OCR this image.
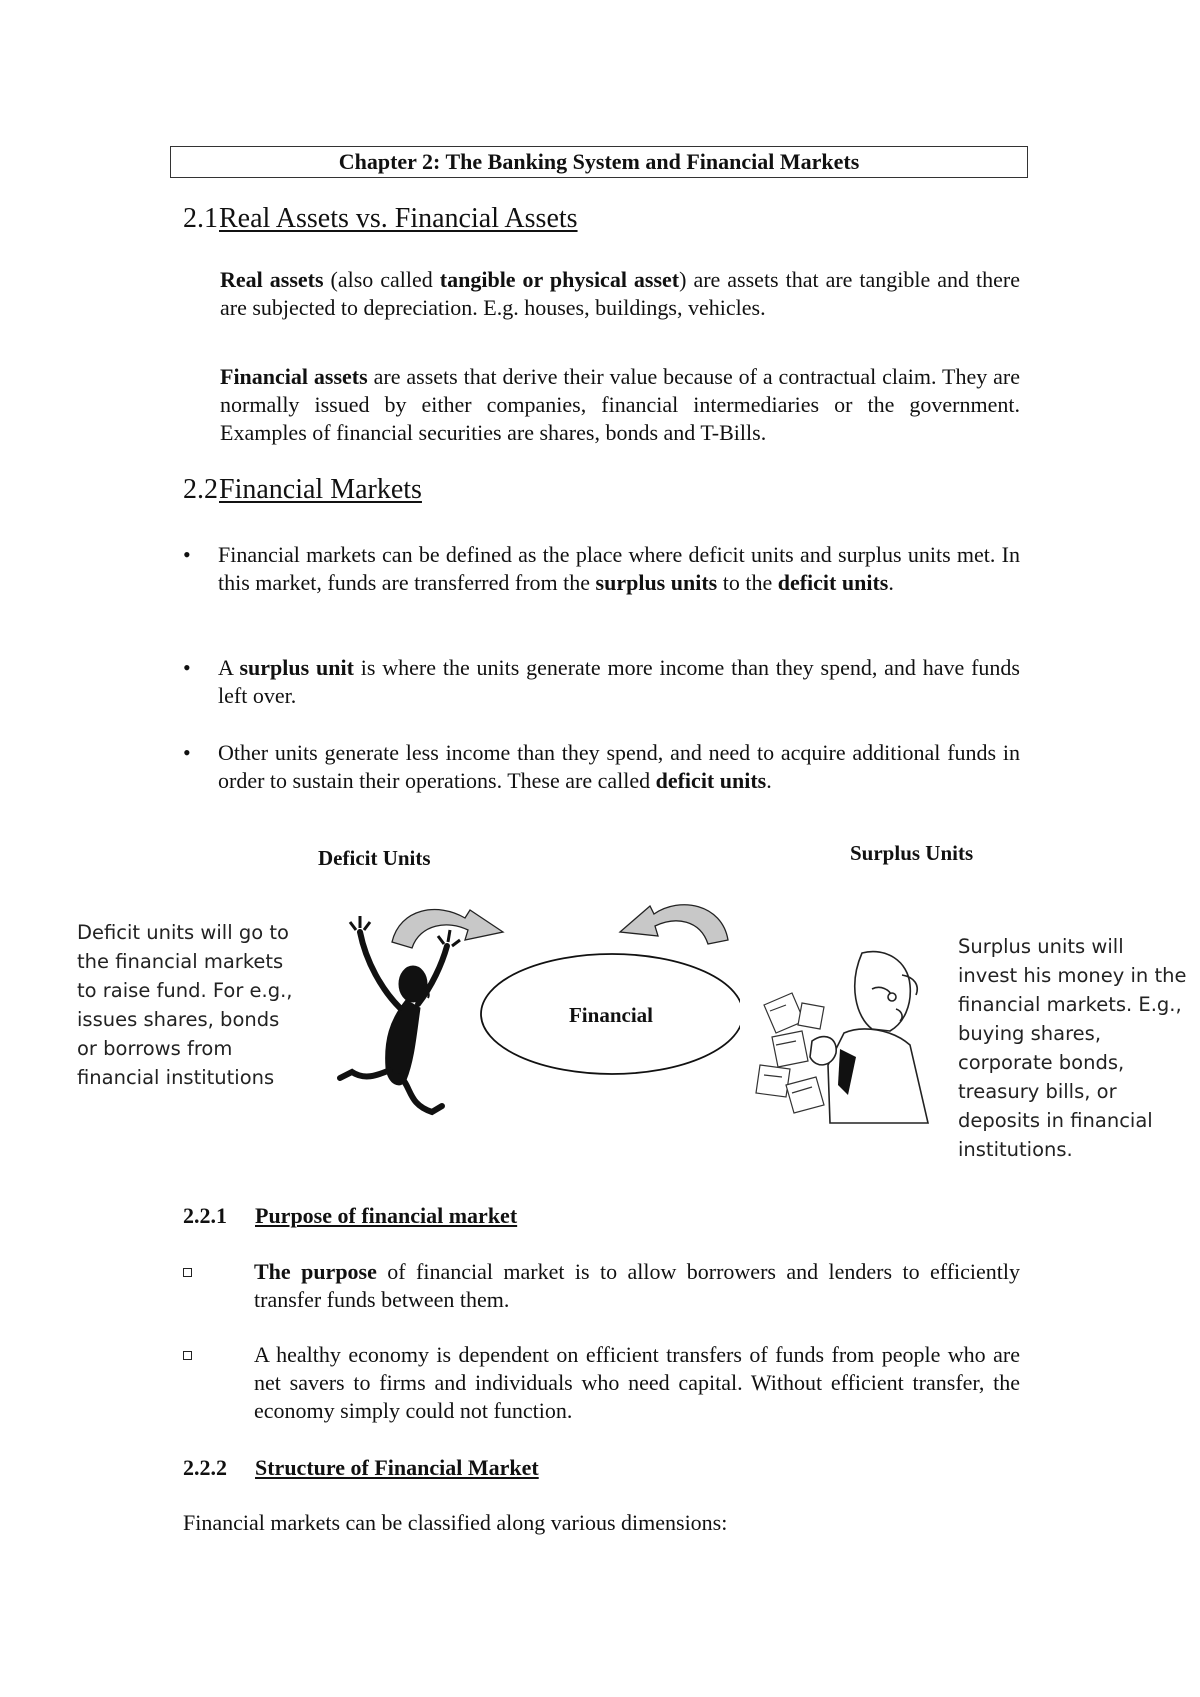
Chapter 2: The Banking System and Financial Markets
2.1Real Assets vs. Financial Assets
Real assets (also called tangible or physical asset) are assets that are tangible and there are subjected to depreciation. E.g. houses, buildings, vehicles.
Financial assets are assets that derive their value because of a contractual claim. They are normally issued by either companies, financial intermediaries or the government. Examples of financial securities are shares, bonds and T-Bills.
2.2Financial Markets
• Financial markets can be defined as the place where deficit units and surplus units met. In this market, funds are transferred from the surplus units to the deficit units.
• A surplus unit is where the units generate more income than they spend, and have funds left over.
• Other units generate less income than they spend, and need to acquire additional funds in order to sustain their operations. These are called deficit units.
Deficit Units	Surplus Units
Deficit units will go to the financial markets to raise fund. For e.g., issues shares, bonds or borrows from financial institutions
Surplus units will invest his money in the financial markets. E.g., buying shares, corporate bonds, treasury bills, or deposits in financial institutions.
Financial
2.2.1 Purpose of financial market
The purpose of financial market is to allow borrowers and lenders to efficiently transfer funds between them.
A healthy economy is dependent on efficient transfers of funds from people who are net savers to firms and individuals who need capital. Without efficient transfer, the economy simply could not function.
2.2.2 Structure of Financial Market
Financial markets can be classified along various dimensions:
